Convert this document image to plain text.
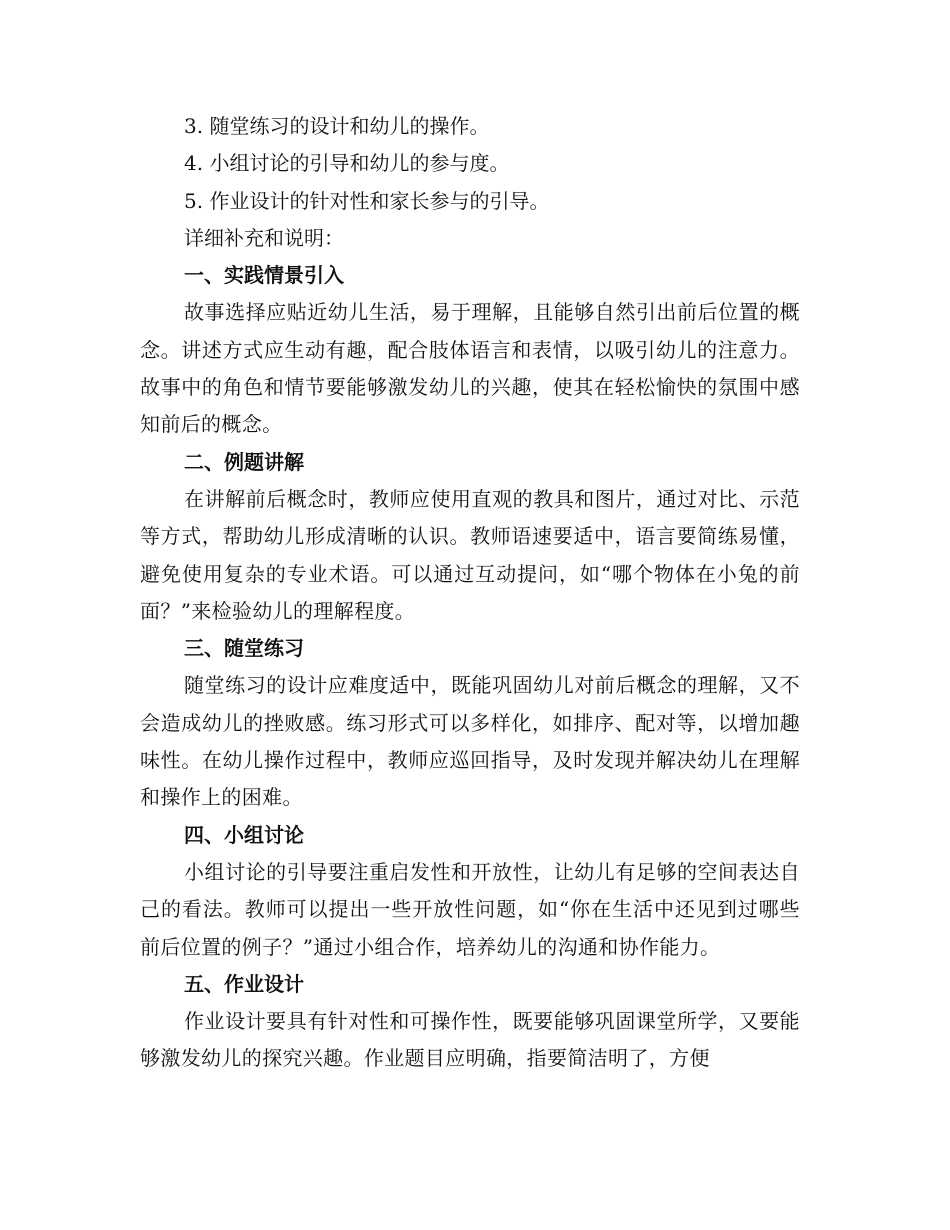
3. 随堂练习的设计和幼儿的操作。

4. 小组讨论的引导和幼儿的参与度。

5. 作业设计的针对性和家长参与的引导。

详细补充和说明：

一、实践情景引入

故事选择应贴近幼儿生活，易于理解，且能够自然引出前后位置的概念。讲述方式应生动有趣，配合肢体语言和表情，以吸引幼儿的注意力。故事中的角色和情节要能够激发幼儿的兴趣，使其在轻松愉快的氛围中感知前后的概念。

二、例题讲解

在讲解前后概念时，教师应使用直观的教具和图片，通过对比、示范等方式，帮助幼儿形成清晰的认识。教师语速要适中，语言要简练易懂，避免使用复杂的专业术语。可以通过互动提问，如“哪个物体在小兔的前面？”来检验幼儿的理解程度。

三、随堂练习

随堂练习的设计应难度适中，既能巩固幼儿对前后概念的理解，又不会造成幼儿的挫败感。练习形式可以多样化，如排序、配对等，以增加趣味性。在幼儿操作过程中，教师应巡回指导，及时发现并解决幼儿在理解和操作上的困难。

四、小组讨论

小组讨论的引导要注重启发性和开放性，让幼儿有足够的空间表达自己的看法。教师可以提出一些开放性问题，如“你在生活中还见到过哪些前后位置的例子？”通过小组合作，培养幼儿的沟通和协作能力。

五、作业设计

作业设计要具有针对性和可操作性，既要能够巩固课堂所学，又要能够激发幼儿的探究兴趣。作业题目应明确，指要简洁明了，方便
